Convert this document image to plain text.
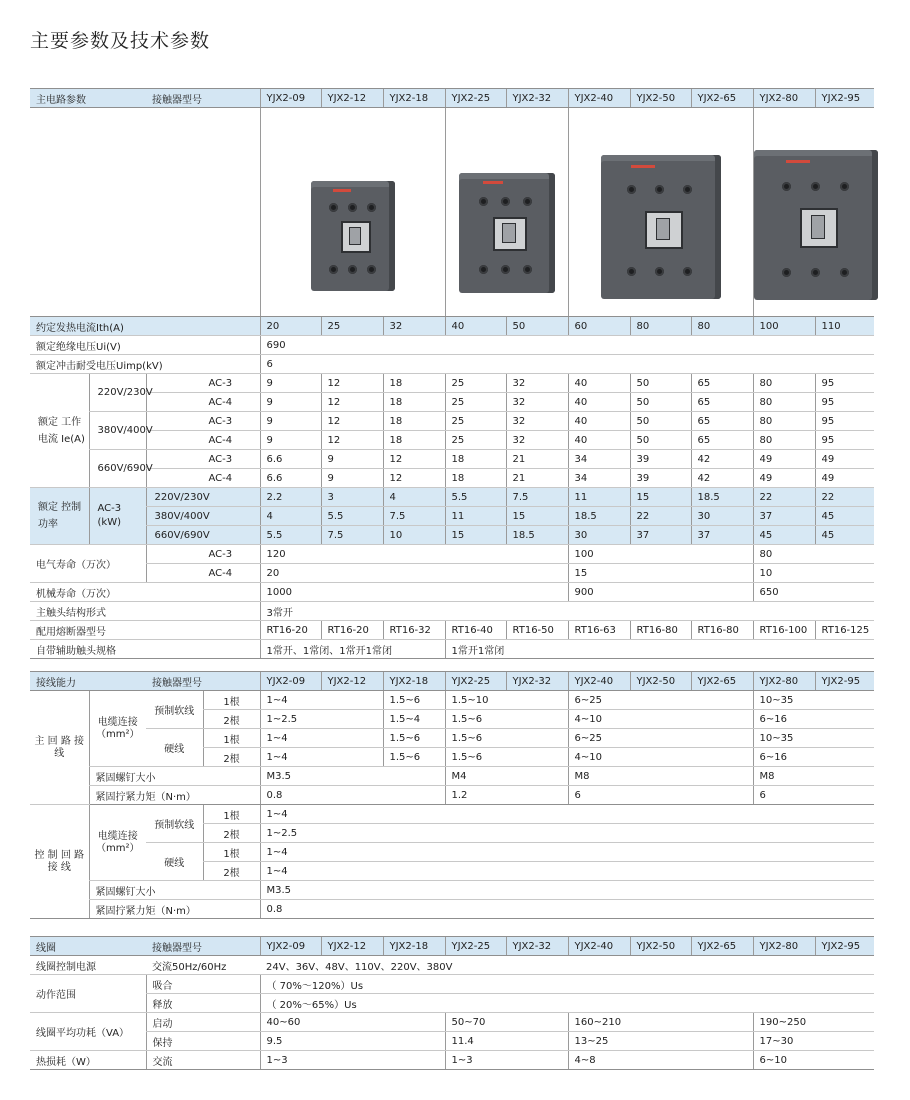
主要参数及技术参数
主电路参数		接触器型号	YJX2-09	YJX2-12	YJX2-18	YJX2-25	YJX2-32	YJX2-40	YJX2-50	YJX2-65	YJX2-80	YJX2-95

约定发热电流Ith(A)			20	25	32	40	50	60	80	80	100	110
额定绝缘电压Ui(V)			690									
额定冲击耐受电压Uimp(kV)			6									
额定 工作 电流 Ie(A)	220V/230V	AC-3	9	12	18	25	32	40	50	65	80	95
		AC-4	9	12	18	25	32	40	50	65	80	95
	380V/400V	AC-3	9	12	18	25	32	40	50	65	80	95
		AC-4	9	12	18	25	32	40	50	65	80	95
	660V/690V	AC-3	6.6	9	12	18	21	34	39	42	49	49
		AC-4	6.6	9	12	18	21	34	39	42	49	49
额定 控制 功率	AC-3 (kW)	220V/230V	2.2	3	4	5.5	7.5	11	15	18.5	22	22
		380V/400V	4	5.5	7.5	11	15	18.5	22	30	37	45
		660V/690V	5.5	7.5	10	15	18.5	30	37	37	45	45
电气寿命（万次）		AC-3	120					100			80	
		AC-4	20					15			10	
机械寿命（万次）			1000					900			650	
主触头结构形式			3常开									
配用熔断器型号			RT16-20	RT16-20	RT16-32	RT16-40	RT16-50	RT16-63	RT16-80	RT16-80	RT16-100	RT16-125
自带辅助触头规格			1常开、1常闭、1常开1常闭			1常开1常闭						
接线能力		接触器型号		YJX2-09	YJX2-12	YJX2-18	YJX2-25	YJX2-32	YJX2-40	YJX2-50	YJX2-65	YJX2-80	YJX2-95
主 回 路 接 线	电缆连接 （mm²）	预制软线	1根	1~4		1.5~6	1.5~10		6~25			10~35	
			2根	1~2.5		1.5~4	1.5~6		4~10			6~16	
		硬线	1根	1~4		1.5~6	1.5~6		6~25			10~35	
			2根	1~4		1.5~6	1.5~6		4~10			6~16	
	紧固螺钉大小			M3.5			M4		M8			M8	
	紧固拧紧力矩（N·m）			0.8			1.2		6			6	
控 制 回 路 接 线	电缆连接 （mm²）	预制软线	1根	1~4									
			2根	1~2.5									
		硬线	1根	1~4									
			2根	1~4									
	紧固螺钉大小			M3.5									
	紧固拧紧力矩（N·m）			0.8									
线圈	接触器型号	YJX2-09	YJX2-12	YJX2-18	YJX2-25	YJX2-32	YJX2-40	YJX2-50	YJX2-65	YJX2-80	YJX2-95
线圈控制电源	交流50Hz/60Hz	24V、36V、48V、110V、220V、380V									
动作范围	吸合	（ 70%～120%）Us									
	释放	（ 20%～65%）Us									
线圈平均功耗（VA）	启动	40~60			50~70		160~210			190~250	
	保持	9.5			11.4		13~25			17~30	
热损耗（W）	交流	1~3			1~3		4~8			6~10	
